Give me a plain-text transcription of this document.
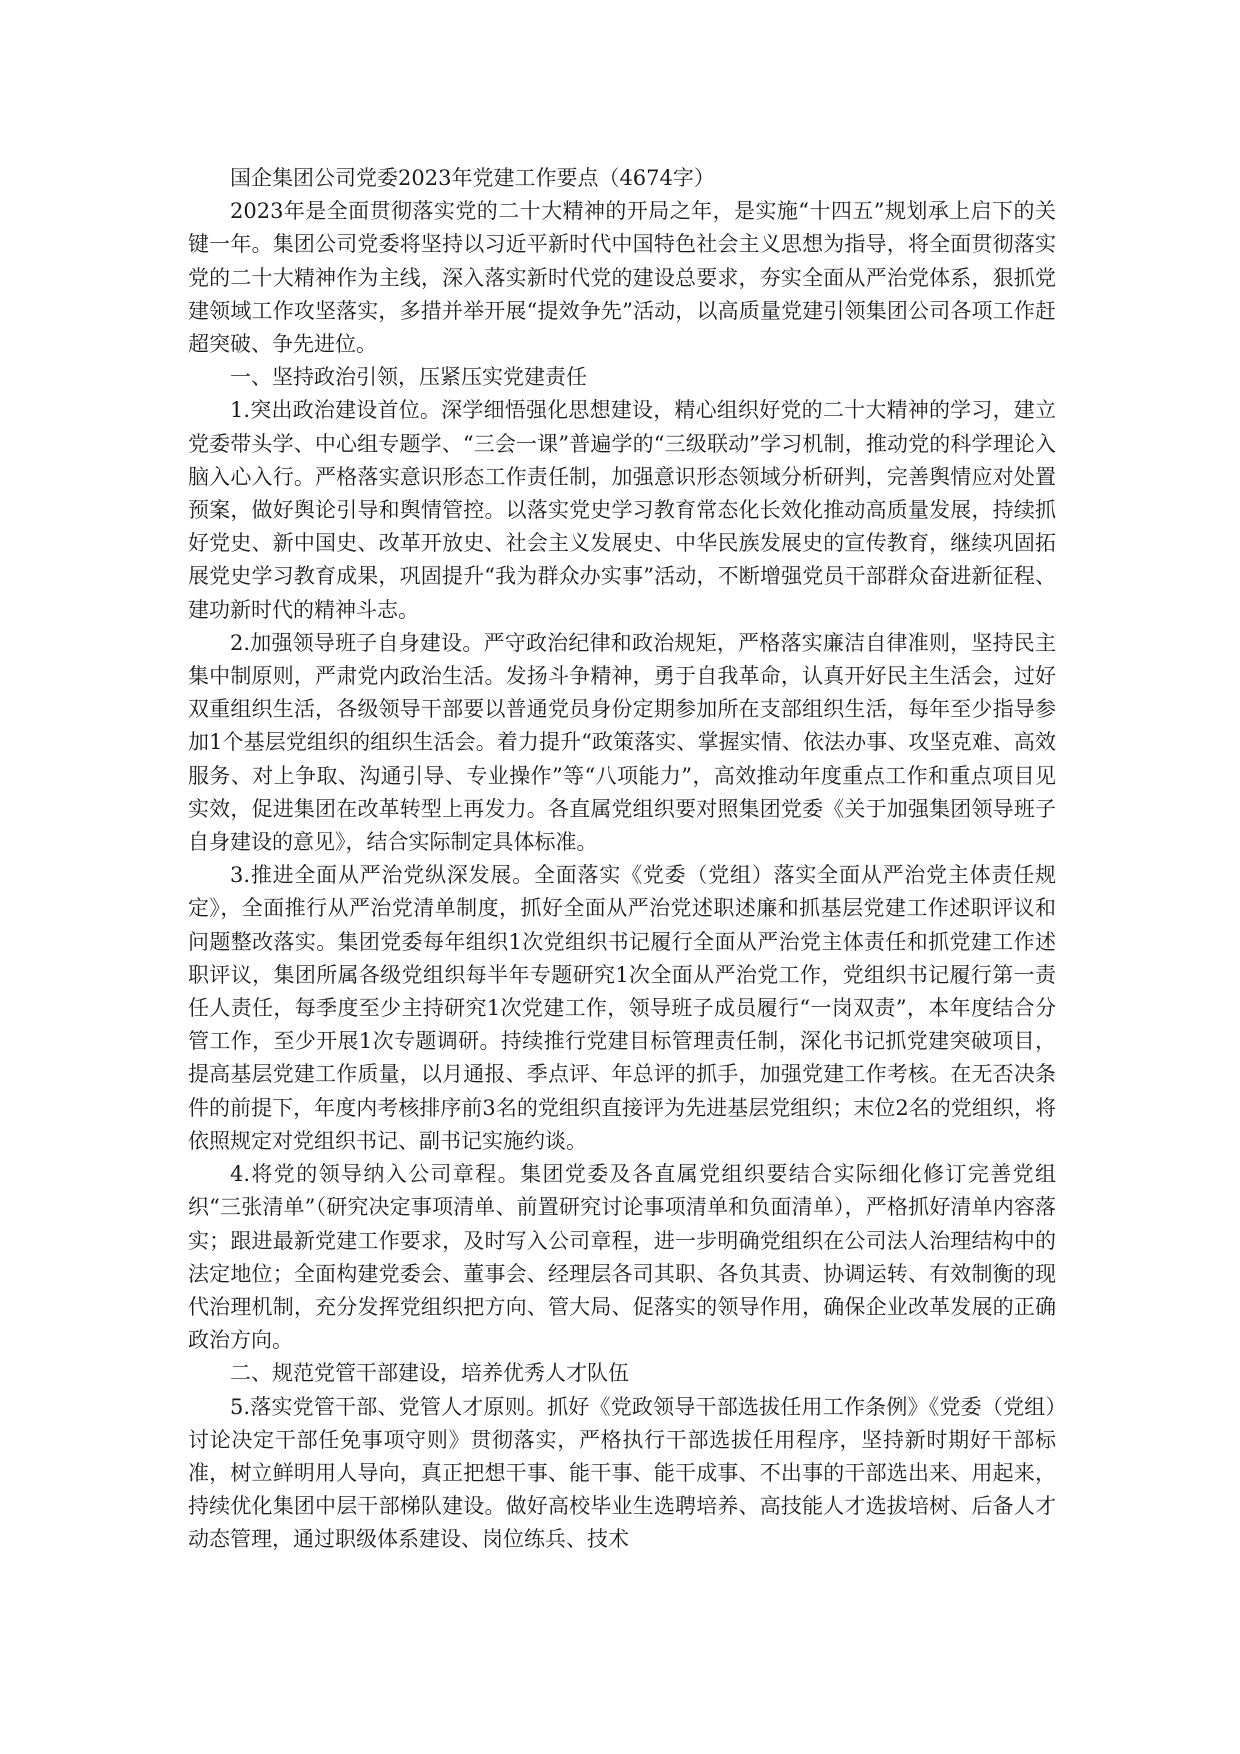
国企集团公司党委2023年党建工作要点（4674字）

2023年是全面贯彻落实党的二十大精神的开局之年，是实施“十四五”规划承上启下的关键一年。集团公司党委将坚持以习近平新时代中国特色社会主义思想为指导，将全面贯彻落实党的二十大精神作为主线，深入落实新时代党的建设总要求，夯实全面从严治党体系，狠抓党建领域工作攻坚落实，多措并举开展“提效争先”活动，以高质量党建引领集团公司各项工作赶超突破、争先进位。

一、坚持政治引领，压紧压实党建责任

1.突出政治建设首位。深学细悟强化思想建设，精心组织好党的二十大精神的学习，建立党委带头学、中心组专题学、“三会一课”普遍学的“三级联动”学习机制，推动党的科学理论入脑入心入行。严格落实意识形态工作责任制，加强意识形态领域分析研判，完善舆情应对处置预案，做好舆论引导和舆情管控。以落实党史学习教育常态化长效化推动高质量发展，持续抓好党史、新中国史、改革开放史、社会主义发展史、中华民族发展史的宣传教育，继续巩固拓展党史学习教育成果，巩固提升“我为群众办实事”活动，不断增强党员干部群众奋进新征程、建功新时代的精神斗志。

2.加强领导班子自身建设。严守政治纪律和政治规矩，严格落实廉洁自律准则，坚持民主集中制原则，严肃党内政治生活。发扬斗争精神，勇于自我革命，认真开好民主生活会，过好双重组织生活，各级领导干部要以普通党员身份定期参加所在支部组织生活，每年至少指导参加1个基层党组织的组织生活会。着力提升“政策落实、掌握实情、依法办事、攻坚克难、高效服务、对上争取、沟通引导、专业操作”等“八项能力”，高效推动年度重点工作和重点项目见实效，促进集团在改革转型上再发力。各直属党组织要对照集团党委《关于加强集团领导班子自身建设的意见》，结合实际制定具体标准。

3.推进全面从严治党纵深发展。全面落实《党委（党组）落实全面从严治党主体责任规定》，全面推行从严治党清单制度，抓好全面从严治党述职述廉和抓基层党建工作述职评议和问题整改落实。集团党委每年组织1次党组织书记履行全面从严治党主体责任和抓党建工作述职评议，集团所属各级党组织每半年专题研究1次全面从严治党工作，党组织书记履行第一责任人责任，每季度至少主持研究1次党建工作，领导班子成员履行“一岗双责”，本年度结合分管工作，至少开展1次专题调研。持续推行党建目标管理责任制，深化书记抓党建突破项目，提高基层党建工作质量，以月通报、季点评、年总评的抓手，加强党建工作考核。在无否决条件的前提下，年度内考核排序前3名的党组织直接评为先进基层党组织；末位2名的党组织，将依照规定对党组织书记、副书记实施约谈。

4.将党的领导纳入公司章程。集团党委及各直属党组织要结合实际细化修订完善党组织“三张清单”（研究决定事项清单、前置研究讨论事项清单和负面清单），严格抓好清单内容落实；跟进最新党建工作要求，及时写入公司章程，进一步明确党组织在公司法人治理结构中的法定地位；全面构建党委会、董事会、经理层各司其职、各负其责、协调运转、有效制衡的现代治理机制，充分发挥党组织把方向、管大局、促落实的领导作用，确保企业改革发展的正确政治方向。

二、规范党管干部建设，培养优秀人才队伍

5.落实党管干部、党管人才原则。抓好《党政领导干部选拔任用工作条例》《党委（党组）讨论决定干部任免事项守则》贯彻落实，严格执行干部选拔任用程序，坚持新时期好干部标准，树立鲜明用人导向，真正把想干事、能干事、能干成事、不出事的干部选出来、用起来，持续优化集团中层干部梯队建设。做好高校毕业生选聘培养、高技能人才选拔培树、后备人才动态管理，通过职级体系建设、岗位练兵、技术
